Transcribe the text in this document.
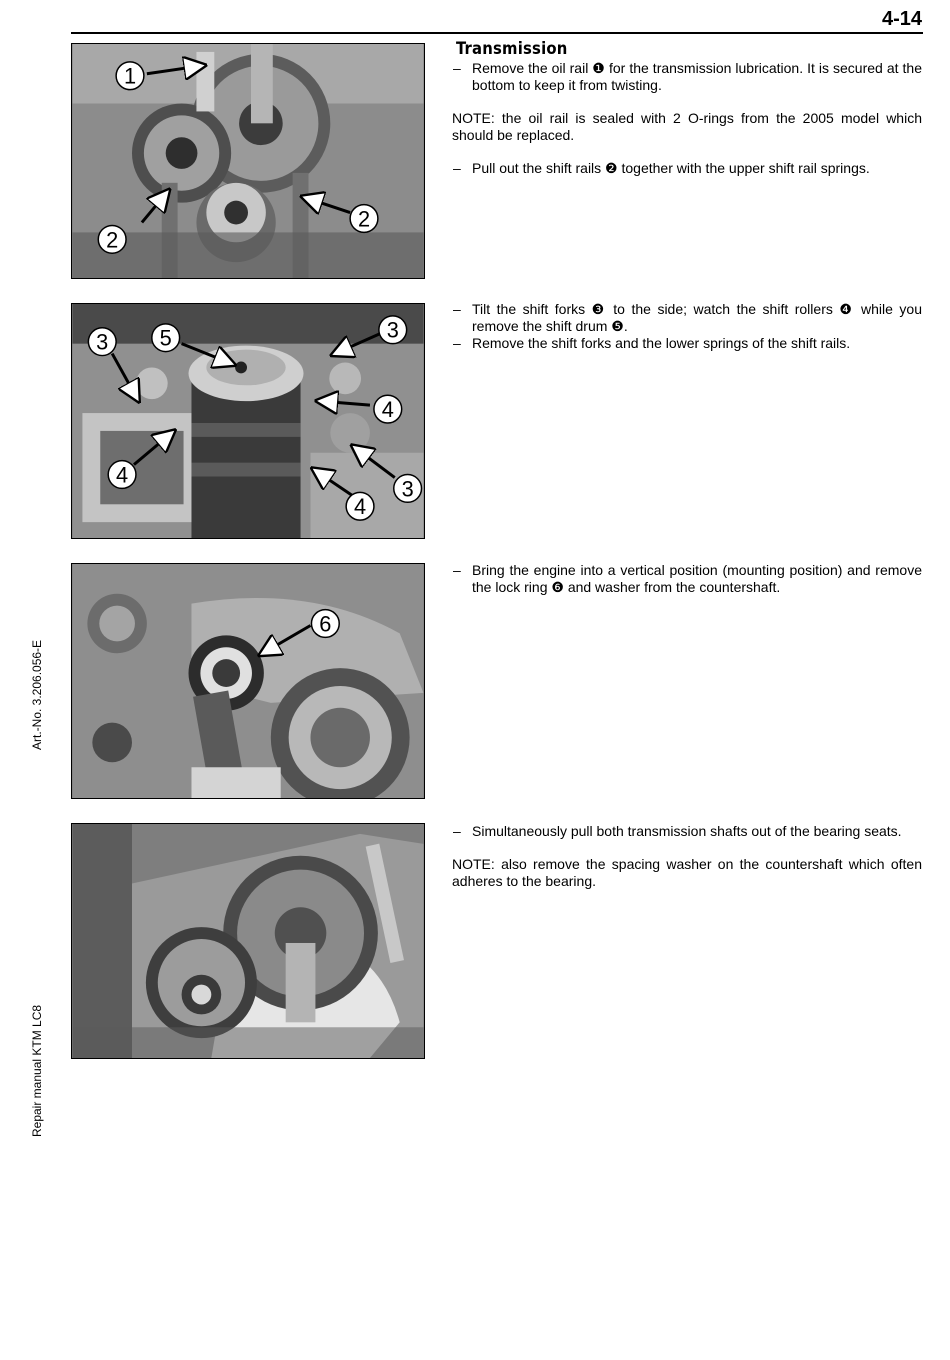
4-14
Art.-No. 3.206.056-E
Repair manual KTM LC8
1
2
2
3 5	3
4
4
3
4
6
Transmission
– Remove the oil rail ❶ for the transmission lubrication. It is secured at the bottom to keep it from twisting.
NOTE: the oil rail is sealed with 2 O-rings from the 2005 model which should be replaced.
– Pull out the shift rails ❷ together with the upper shift rail springs.
– Tilt the shift forks ❸ to the side; watch the shift rollers ❹ while you remove the shift drum ❺.
– Remove the shift forks and the lower springs of the shift rails.
– Bring the engine into a vertical position (mounting position) and remove the lock ring ❻ and washer from the countershaft.
– Simultaneously pull both transmission shafts out of the bearing seats.
NOTE: also remove the spacing washer on the countershaft which often adheres to the bearing.
